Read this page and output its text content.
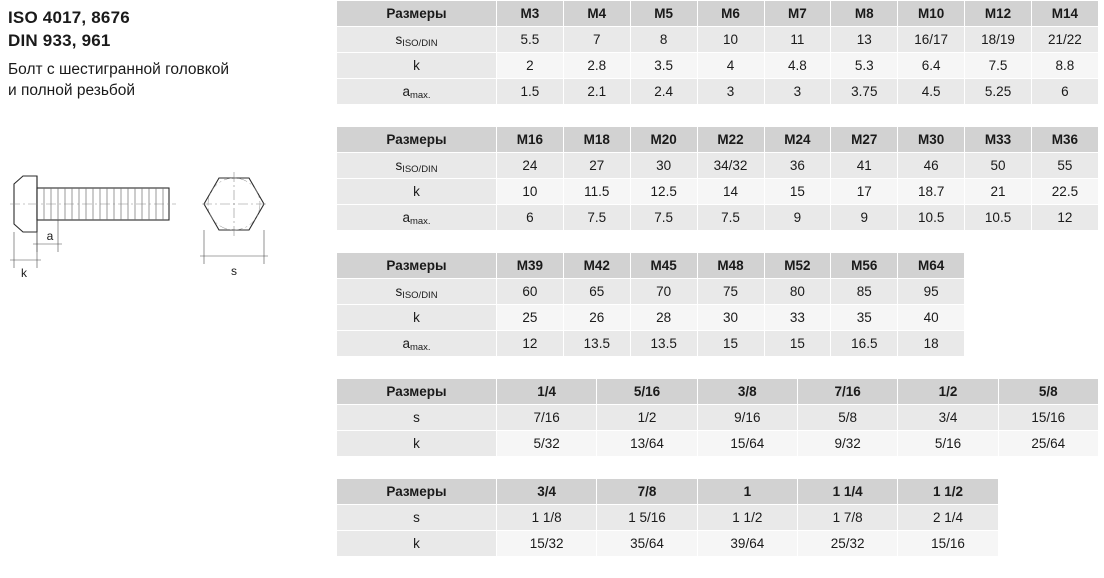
ISO 4017, 8676
DIN 933, 961
Болт с шестигранной головкой
и полной резьбой
k
a
s
Размеры	M3	M4	M5	M6	M7	M8	M10	M12	M14
sISO/DIN	5.5	7	8	10	11	13	16/17	18/19	21/22
k	2	2.8	3.5	4	4.8	5.3	6.4	7.5	8.8
amax.	1.5	2.1	2.4	3	3	3.75	4.5	5.25	6
Размеры	M16	M18	M20	M22	M24	M27	M30	M33	M36
sISO/DIN	24	27	30	34/32	36	41	46	50	55
k	10	11.5	12.5	14	15	17	18.7	21	22.5
amax.	6	7.5	7.5	7.5	9	9	10.5	10.5	12
Размеры	M39	M42	M45	M48	M52	M56	M64		
sISO/DIN	60	65	70	75	80	85	95		
k	25	26	28	30	33	35	40		
amax.	12	13.5	13.5	15	15	16.5	18		
Размеры	1/4	5/16	3/8	7/16	1/2	5/8
s	7/16	1/2	9/16	5/8	3/4	15/16
k	5/32	13/64	15/64	9/32	5/16	25/64
Размеры	3/4	7/8	1	1 1/4	1 1/2	
s	1 1/8	1 5/16	1 1/2	1 7/8	2 1/4	
k	15/32	35/64	39/64	25/32	15/16	
